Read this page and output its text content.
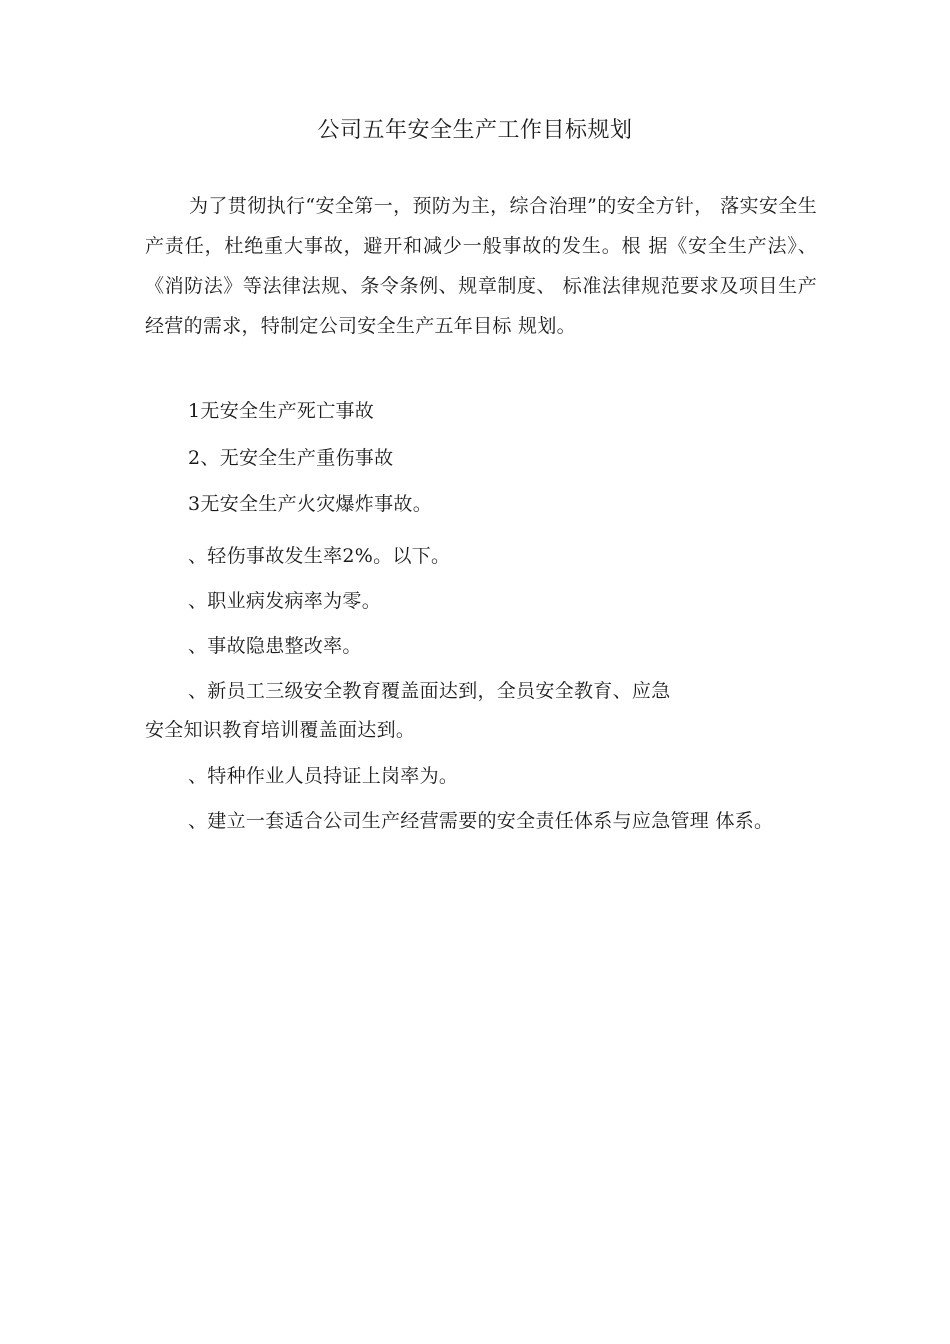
公司五年安全生产工作目标规划

为了贯彻执行“安全第一，预防为主，综合治理”的安全方针， 落实安全生产责任，杜绝重大事故，避开和减少一般事故的发生。根 据《安全生产法》、《消防法》等法律法规、条令条例、规章制度、 标准法律规范要求及项目生产经营的需求，特制定公司安全生产五年目标 规划。

1无安全生产死亡事故

2、无安全生产重伤事故

3无安全生产火灾爆炸事故。

、轻伤事故发生率2%。以下。

、职业病发病率为零。

、事故隐患整改率。

、新员工三级安全教育覆盖面达到，全员安全教育、应急

安全知识教育培训覆盖面达到。

、特种作业人员持证上岗率为。

、建立一套适合公司生产经营需要的安全责任体系与应急管理 体系。
